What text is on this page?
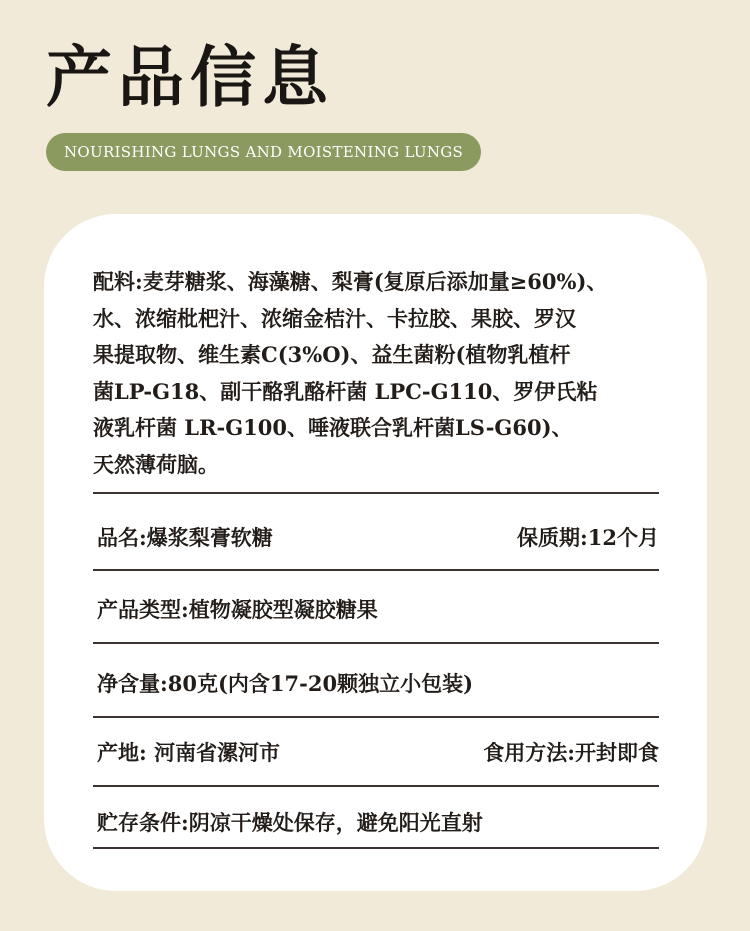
产品信息
NOURISHING LUNGS AND MOISTENING LUNGS
配料:麦芽糖浆、海藻糖、梨膏(复原后添加量≥60%)、
水、浓缩枇杷汁、浓缩金桔汁、卡拉胶、果胶、罗汉
果提取物、维生素C(3%O)、益生菌粉(植物乳植杆
菌LP-G18、副干酪乳酪杆菌 LPC-G110、罗伊氏粘
液乳杆菌 LR-G100、唾液联合乳杆菌LS-G60)、
天然薄荷脑。
品名:爆浆梨膏软糖	保质期:12个月
产品类型:植物凝胶型凝胶糖果
净含量:80克(内含17-20颗独立小包装)
产地: 河南省漯河市	食用方法:开封即食
贮存条件:阴凉干燥处保存，避免阳光直射
